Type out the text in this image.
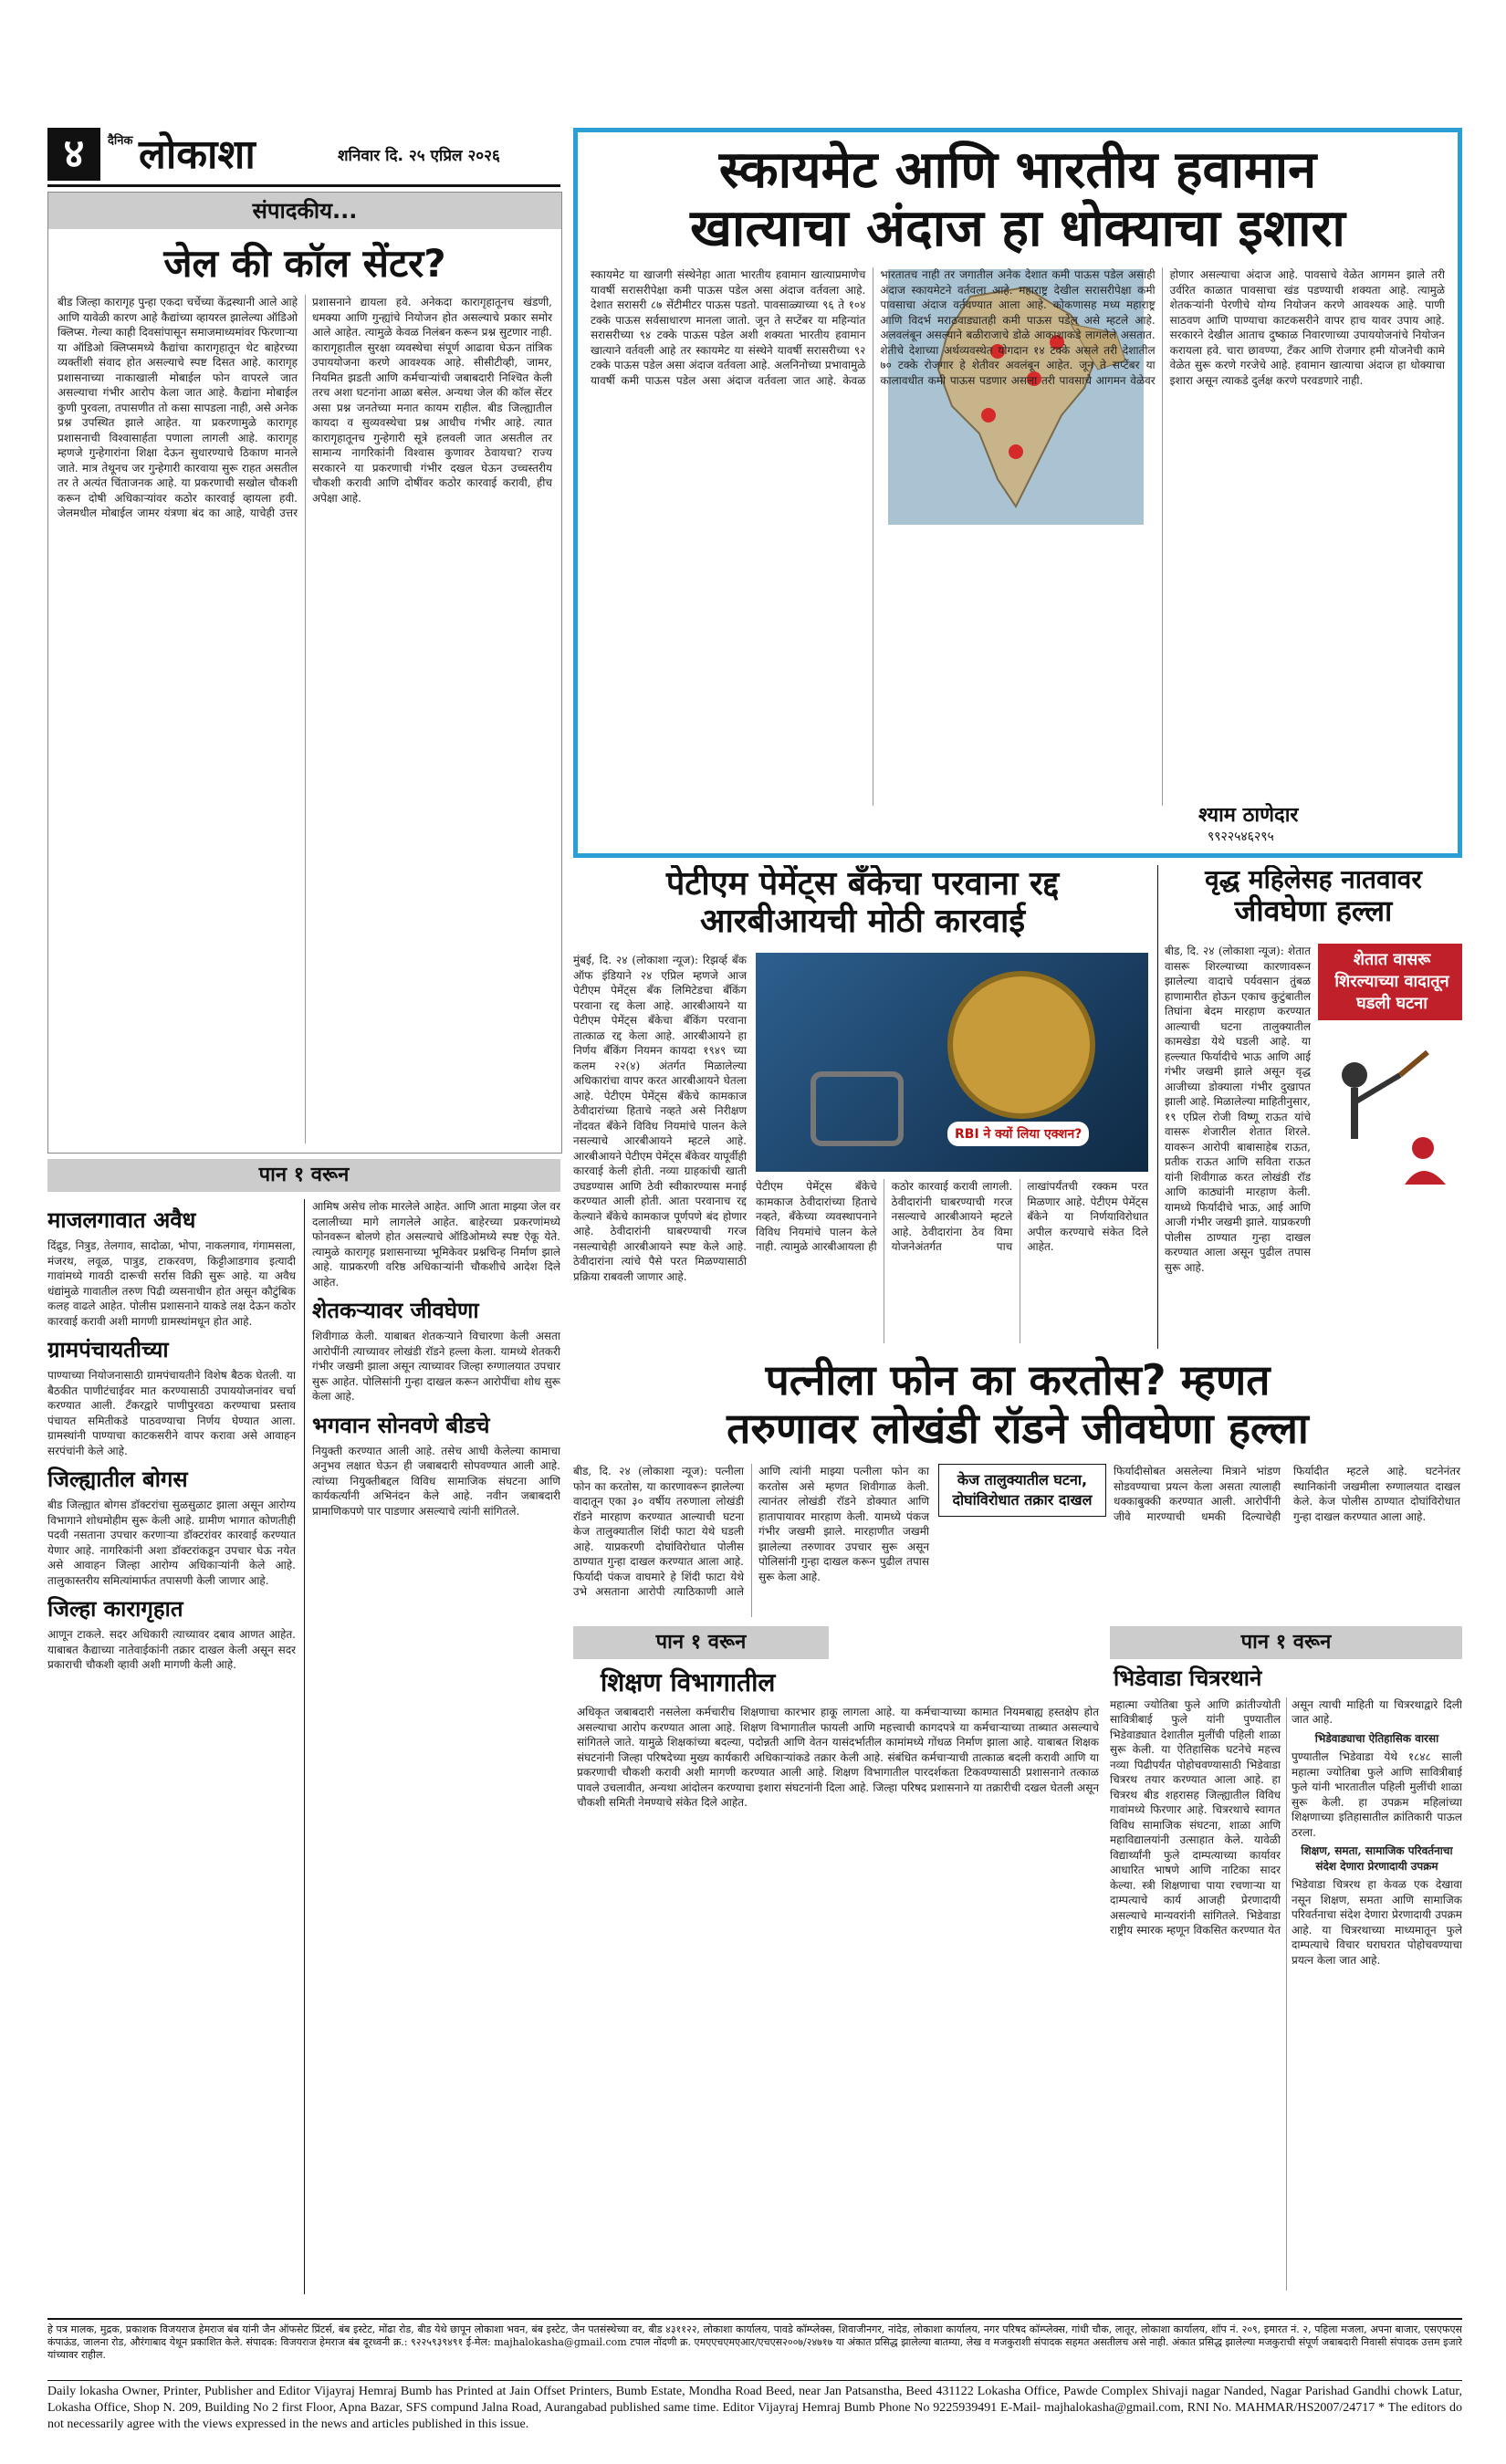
४	दैनिक लोकाशा	शनिवार दि. २५ एप्रिल २०२६
संपादकीय...
जेल की कॉल सेंटर?
बीड जिल्हा कारागृह पुन्हा एकदा चर्चेच्या केंद्रस्थानी आले आहे आणि यावेळी कारण आहे कैद्यांच्या व्हायरल झालेल्या ऑडिओ क्लिप्स. गेल्या काही दिवसांपासून समाजमाध्यमांवर फिरणाऱ्या या ऑडिओ क्लिप्समध्ये कैद्यांचा कारागृहातून थेट बाहेरच्या व्यक्तींशी संवाद होत असल्याचे स्पष्ट दिसत आहे. कारागृह प्रशासनाच्या नाकाखाली मोबाईल फोन वापरले जात असल्याचा गंभीर आरोप केला जात आहे. कैद्यांना मोबाईल कुणी पुरवला, तपासणीत तो कसा सापडला नाही, असे अनेक प्रश्न उपस्थित झाले आहेत. या प्रकरणामुळे कारागृह प्रशासनाची विश्वासार्हता पणाला लागली आहे. कारागृह म्हणजे गुन्हेगारांना शिक्षा देऊन सुधारण्याचे ठिकाण मानले जाते. मात्र तेथूनच जर गुन्हेगारी कारवाया सुरू राहत असतील तर ते अत्यंत चिंताजनक आहे. या प्रकरणाची सखोल चौकशी करून दोषी अधिकाऱ्यांवर कठोर कारवाई व्हायला हवी. जेलमधील मोबाईल जामर यंत्रणा बंद का आहे, याचेही उत्तर प्रशासनाने द्यायला हवे. अनेकदा कारागृहातूनच खंडणी, धमक्या आणि गुन्ह्यांचे नियोजन होत असल्याचे प्रकार समोर आले आहेत. त्यामुळे केवळ निलंबन करून प्रश्न सुटणार नाही. कारागृहातील सुरक्षा व्यवस्थेचा संपूर्ण आढावा घेऊन तांत्रिक उपाययोजना करणे आवश्यक आहे. सीसीटीव्ही, जामर, नियमित झडती आणि कर्मचाऱ्यांची जबाबदारी निश्चित केली तरच अशा घटनांना आळा बसेल. अन्यथा जेल की कॉल सेंटर असा प्रश्न जनतेच्या मनात कायम राहील. बीड जिल्ह्यातील कायदा व सुव्यवस्थेचा प्रश्न आधीच गंभीर आहे. त्यात कारागृहातूनच गुन्हेगारी सूत्रे हलवली जात असतील तर सामान्य नागरिकांनी विश्वास कुणावर ठेवायचा? राज्य सरकारने या प्रकरणाची गंभीर दखल घेऊन उच्चस्तरीय चौकशी करावी आणि दोषींवर कठोर कारवाई करावी, हीच अपेक्षा आहे.
स्कायमेट आणि भारतीय हवामान
खात्याचा अंदाज हा धोक्याचा इशारा
स्कायमेट या खाजगी संस्थेनेहा आता भारतीय हवामान खात्याप्रमाणेच यावर्षी सरासरीपेक्षा कमी पाऊस पडेल असा अंदाज वर्तवला आहे. देशात सरासरी ८७ सेंटीमीटर पाऊस पडतो. पावसाळ्याच्या ९६ ते १०४ टक्के पाऊस सर्वसाधारण मानला जातो. जून ते सप्टेंबर या महिन्यांत सरासरीच्या ९४ टक्के पाऊस पडेल अशी शक्यता भारतीय हवामान खात्याने वर्तवली आहे तर स्कायमेट या संस्थेने यावर्षी सरासरीच्या ९२ टक्के पाऊस पडेल असा अंदाज वर्तवला आहे. अलनिनोच्या प्रभावामुळे यावर्षी कमी पाऊस पडेल असा अंदाज वर्तवला जात आहे. केवळ भारतातच नाही तर जगातील अनेक देशात कमी पाऊस पडेल असाही अंदाज स्कायमेटने वर्तवला आहे. महाराष्ट्र देखील सरासरीपेक्षा कमी पावसाचा अंदाज वर्तवण्यात आला आहे. कोकणासह मध्य महाराष्ट्र आणि विदर्भ मराठवाड्यातही कमी पाऊस पडेल असे म्हटले आहे. अलवलंबून असल्याने बळीराजाचे डोळे आकाशाकडे लागलेले असतात. शेतीचे देशाच्या अर्थव्यवस्थेत योगदान १४ टक्के असले तरी देशातील ७० टक्के रोजगार हे शेतीवर अवलंबून आहेत. जून ते सप्टेंबर या कालावधीत कमी पाऊस पडणार असला तरी पावसाचे आगमन वेळेवर होणार असल्याचा अंदाज आहे. पावसाचे वेळेत आगमन झाले तरी उर्वरित काळात पावसाचा खंड पडण्याची शक्यता आहे. त्यामुळे शेतकऱ्यांनी पेरणीचे योग्य नियोजन करणे आवश्यक आहे. पाणी साठवण आणि पाण्याचा काटकसरीने वापर हाच यावर उपाय आहे. सरकारने देखील आताच दुष्काळ निवारणाच्या उपाययोजनांचे नियोजन करायला हवे. चारा छावण्या, टँकर आणि रोजगार हमी योजनेची कामे वेळेत सुरू करणे गरजेचे आहे. हवामान खात्याचा अंदाज हा धोक्याचा इशारा असून त्याकडे दुर्लक्ष करणे परवडणारे नाही.
श्याम ठाणेदार
९९२२५४६२९५
पेटीएम पेमेंट्स बँकेचा परवाना रद्द
आरबीआयची मोठी कारवाई
RBI ने क्यों लिया एक्शन?
मुंबई, दि. २४ (लोकाशा न्यूज): रिझर्व्ह बँक ऑफ इंडियाने २४ एप्रिल म्हणजे आज पेटीएम पेमेंट्स बँक लिमिटेडचा बँकिंग परवाना रद्द केला आहे. आरबीआयने या पेटीएम पेमेंट्स बँकेचा बँकिंग परवाना तात्काळ रद्द केला आहे. आरबीआयने हा निर्णय बँकिंग नियमन कायदा १९४९ च्या कलम २२(४) अंतर्गत मिळालेल्या अधिकारांचा वापर करत आरबीआयने घेतला आहे. पेटीएम पेमेंट्स बँकेचे कामकाज ठेवीदारांच्या हिताचे नव्हते असे निरीक्षण नोंदवत बँकेने विविध नियमांचे पालन केले नसल्याचे आरबीआयने म्हटले आहे. आरबीआयने पेटीएम पेमेंट्स बँकेवर यापूर्वीही कारवाई केली होती. नव्या ग्राहकांची खाती उघडण्यास आणि ठेवी स्वीकारण्यास मनाई करण्यात आली होती. आता परवानाच रद्द केल्याने बँकेचे कामकाज पूर्णपणे बंद होणार आहे. ठेवीदारांनी घाबरण्याची गरज नसल्याचेही आरबीआयने स्पष्ट केले आहे. ठेवीदारांना त्यांचे पैसे परत मिळण्यासाठी प्रक्रिया राबवली जाणार आहे.
पेटीएम पेमेंट्स बँकेचे कामकाज ठेवीदारांच्या हिताचे नव्हते, बँकेच्या व्यवस्थापनाने विविध नियमांचे पालन केले नाही. त्यामुळे आरबीआयला ही कठोर कारवाई करावी लागली. ठेवीदारांनी घाबरण्याची गरज नसल्याचे आरबीआयने म्हटले आहे. ठेवीदारांना ठेव विमा योजनेअंतर्गत पाच लाखांपर्यंतची रक्कम परत मिळणार आहे. पेटीएम पेमेंट्स बँकेने या निर्णयाविरोधात अपील करण्याचे संकेत दिले आहेत.
वृद्ध महिलेसह नातवावर
जीवघेणा हल्ला
शेतात वासरू शिरल्याच्या वादातून घडली घटना
बीड, दि. २४ (लोकाशा न्यूज): शेतात वासरू शिरल्याच्या कारणावरून झालेल्या वादाचे पर्यवसान तुंबळ हाणामारीत होऊन एकाच कुटुंबातील तिघांना बेदम मारहाण करण्यात आल्याची घटना तालुक्यातील कामखेडा येथे घडली आहे. या हल्ल्यात फिर्यादीचे भाऊ आणि आई गंभीर जखमी झाले असून वृद्ध आजीच्या डोक्याला गंभीर दुखापत झाली आहे. मिळालेल्या माहितीनुसार, १९ एप्रिल रोजी विष्णू राऊत यांचे वासरू शेजारील शेतात शिरले. यावरून आरोपी बाबासाहेब राऊत, प्रतीक राऊत आणि सविता राऊत यांनी शिवीगाळ करत लोखंडी रॉड आणि काठ्यांनी मारहाण केली. यामध्ये फिर्यादीचे भाऊ, आई आणि आजी गंभीर जखमी झाले. याप्रकरणी पोलीस ठाण्यात गुन्हा दाखल करण्यात आला असून पुढील तपास सुरू आहे.
पान १ वरून
माजलगावात अवैध
दिंद्रुड, नित्रुड, तेलगाव, सादोळा, भोपा, नाकलगाव, गंगामसला, मंजरथ, लवूळ, पात्रुड, टाकरवण, किट्टीआडगाव इत्यादी गावांमध्ये गावठी दारूची सर्रास विक्री सुरू आहे. या अवैध धंद्यांमुळे गावातील तरुण पिढी व्यसनाधीन होत असून कौटुंबिक कलह वाढले आहेत. पोलीस प्रशासनाने याकडे लक्ष देऊन कठोर कारवाई करावी अशी मागणी ग्रामस्थांमधून होत आहे.
ग्रामपंचायतीच्या
पाण्याच्या नियोजनासाठी ग्रामपंचायतीने विशेष बैठक घेतली. या बैठकीत पाणीटंचाईवर मात करण्यासाठी उपाययोजनांवर चर्चा करण्यात आली. टँकरद्वारे पाणीपुरवठा करण्याचा प्रस्ताव पंचायत समितीकडे पाठवण्याचा निर्णय घेण्यात आला. ग्रामस्थांनी पाण्याचा काटकसरीने वापर करावा असे आवाहन सरपंचांनी केले आहे.
जिल्ह्यातील बोगस
बीड जिल्ह्यात बोगस डॉक्टरांचा सुळसुळाट झाला असून आरोग्य विभागाने शोधमोहीम सुरू केली आहे. ग्रामीण भागात कोणतीही पदवी नसताना उपचार करणाऱ्या डॉक्टरांवर कारवाई करण्यात येणार आहे. नागरिकांनी अशा डॉक्टरांकडून उपचार घेऊ नयेत असे आवाहन जिल्हा आरोग्य अधिकाऱ्यांनी केले आहे. तालुकास्तरीय समित्यांमार्फत तपासणी केली जाणार आहे.
जिल्हा कारागृहात
आणून टाकले. सदर अधिकारी त्याच्यावर दबाव आणत आहेत. याबाबत कैद्याच्या नातेवाईकांनी तक्रार दाखल केली असून सदर प्रकाराची चौकशी व्हावी अशी मागणी केली आहे.
आमिष असेच लोक मारलेले आहेत. आणि आता माझ्या जेल वर दलालीच्या मागे लागलेले आहेत. बाहेरच्या प्रकरणांमध्ये फोनवरून बोलणे होत असल्याचे ऑडिओमध्ये स्पष्ट ऐकू येते. त्यामुळे कारागृह प्रशासनाच्या भूमिकेवर प्रश्नचिन्ह निर्माण झाले आहे. याप्रकरणी वरिष्ठ अधिकाऱ्यांनी चौकशीचे आदेश दिले आहेत.
शेतकऱ्यावर जीवघेणा
शिवीगाळ केली. याबाबत शेतकऱ्याने विचारणा केली असता आरोपींनी त्याच्यावर लोखंडी रॉडने हल्ला केला. यामध्ये शेतकरी गंभीर जखमी झाला असून त्याच्यावर जिल्हा रुग्णालयात उपचार सुरू आहेत. पोलिसांनी गुन्हा दाखल करून आरोपींचा शोध सुरू केला आहे.
भगवान सोनवणे बीडचे
नियुक्ती करण्यात आली आहे. तसेच आधी केलेल्या कामाचा अनुभव लक्षात घेऊन ही जबाबदारी सोपवण्यात आली आहे. त्यांच्या नियुक्तीबद्दल विविध सामाजिक संघटना आणि कार्यकर्त्यांनी अभिनंदन केले आहे. नवीन जबाबदारी प्रामाणिकपणे पार पाडणार असल्याचे त्यांनी सांगितले.
पत्नीला फोन का करतोस? म्हणत
तरुणावर लोखंडी रॉडने जीवघेणा हल्ला
बीड, दि. २४ (लोकाशा न्यूज): पत्नीला फोन का करतोस, या कारणावरून झालेल्या वादातून एका ३० वर्षीय तरुणाला लोखंडी रॉडने मारहाण करण्यात आल्याची घटना केज तालुक्यातील शिंदी फाटा येथे घडली आहे. याप्रकरणी दोघांविरोधात पोलीस ठाण्यात गुन्हा दाखल करण्यात आला आहे. फिर्यादी पंकज वाघमारे हे शिंदी फाटा येथे उभे असताना आरोपी त्याठिकाणी आले आणि त्यांनी माझ्या पत्नीला फोन का करतोस असे म्हणत शिवीगाळ केली. त्यानंतर लोखंडी रॉडने डोक्यात आणि हातापायावर मारहाण केली. यामध्ये पंकज गंभीर जखमी झाले. मारहाणीत जखमी झालेल्या तरुणावर उपचार सुरू असून पोलिसांनी गुन्हा दाखल करून पुढील तपास सुरू केला आहे.
केज तालुक्यातील घटना, दोघांविरोधात तक्रार दाखल
फिर्यादीसोबत असलेल्या मित्राने भांडण सोडवण्याचा प्रयत्न केला असता त्यालाही धक्काबुक्की करण्यात आली. आरोपींनी जीवे मारण्याची धमकी दिल्याचेही फिर्यादीत म्हटले आहे. घटनेनंतर स्थानिकांनी जखमीला रुग्णालयात दाखल केले. केज पोलीस ठाण्यात दोघांविरोधात गुन्हा दाखल करण्यात आला आहे.
पान १ वरून
शिक्षण विभागातील
अधिकृत जबाबदारी नसलेला कर्मचारीच शिक्षणाचा कारभार हाकू लागला आहे. या कर्मचाऱ्याच्या कामात नियमबाह्य हस्तक्षेप होत असल्याचा आरोप करण्यात आला आहे. शिक्षण विभागातील फायली आणि महत्त्वाची कागदपत्रे या कर्मचाऱ्याच्या ताब्यात असल्याचे सांगितले जाते. यामुळे शिक्षकांच्या बदल्या, पदोन्नती आणि वेतन यासंदर्भातील कामांमध्ये गोंधळ निर्माण झाला आहे. याबाबत शिक्षक संघटनांनी जिल्हा परिषदेच्या मुख्य कार्यकारी अधिकाऱ्यांकडे तक्रार केली आहे. संबंधित कर्मचाऱ्याची तात्काळ बदली करावी आणि या प्रकरणाची चौकशी करावी अशी मागणी करण्यात आली आहे. शिक्षण विभागातील पारदर्शकता टिकवण्यासाठी प्रशासनाने तत्काळ पावले उचलावीत, अन्यथा आंदोलन करण्याचा इशारा संघटनांनी दिला आहे. जिल्हा परिषद प्रशासनाने या तक्रारीची दखल घेतली असून चौकशी समिती नेमण्याचे संकेत दिले आहेत.
पान १ वरून
भिडेवाडा चित्ररथाने
महात्मा ज्योतिबा फुले आणि क्रांतीज्योती सावित्रीबाई फुले यांनी पुण्यातील भिडेवाड्यात देशातील मुलींची पहिली शाळा सुरू केली. या ऐतिहासिक घटनेचे महत्त्व नव्या पिढीपर्यंत पोहोचवण्यासाठी भिडेवाडा चित्ररथ तयार करण्यात आला आहे. हा चित्ररथ बीड शहरासह जिल्ह्यातील विविध गावांमध्ये फिरणार आहे. चित्ररथाचे स्वागत विविध सामाजिक संघटना, शाळा आणि महाविद्यालयांनी उत्साहात केले. यावेळी विद्यार्थ्यांनी फुले दाम्पत्याच्या कार्यावर आधारित भाषणे आणि नाटिका सादर केल्या. स्त्री शिक्षणाचा पाया रचणाऱ्या या दाम्पत्याचे कार्य आजही प्रेरणादायी असल्याचे मान्यवरांनी सांगितले. भिडेवाडा राष्ट्रीय स्मारक म्हणून विकसित करण्यात येत असून त्याची माहिती या चित्ररथाद्वारे दिली जात आहे.
भिडेवाड्याचा ऐतिहासिक वारसा
पुण्यातील भिडेवाडा येथे १८४८ साली महात्मा ज्योतिबा फुले आणि सावित्रीबाई फुले यांनी भारतातील पहिली मुलींची शाळा सुरू केली. हा उपक्रम महिलांच्या शिक्षणाच्या इतिहासातील क्रांतिकारी पाऊल ठरला.
शिक्षण, समता, सामाजिक परिवर्तनाचा संदेश देणारा प्रेरणादायी उपक्रम
भिडेवाडा चित्ररथ हा केवळ एक देखावा नसून शिक्षण, समता आणि सामाजिक परिवर्तनाचा संदेश देणारा प्रेरणादायी उपक्रम आहे. या चित्ररथाच्या माध्यमातून फुले दाम्पत्याचे विचार घराघरात पोहोचवण्याचा प्रयत्न केला जात आहे.
हे पत्र मालक, मुद्रक, प्रकाशक विजयराज हेमराज बंब यांनी जैन ऑफसेट प्रिंटर्स, बंब इस्टेट, मोंढा रोड, बीड येथे छापून लोकाशा भवन, बंब इस्टेट, जैन पतसंस्थेच्या वर, बीड ४३११२२, लोकाशा कार्यालय, पावडे कॉम्प्लेक्स, शिवाजीनगर, नांदेड, लोकाशा कार्यालय, नगर परिषद कॉम्प्लेक्स, गांधी चौक, लातूर, लोकाशा कार्यालय, शॉप नं. २०९, इमारत नं. २, पहिला मजला, अपना बाजार, एसएफएस कंपाऊंड, जालना रोड, औरंगाबाद येथून प्रकाशित केले. संपादक: विजयराज हेमराज बंब दूरध्वनी क्र.: ९२२५९३९४९१ ई-मेल: majhalokasha@gmail.com टपाल नोंदणी क्र. एमएएचएमएआर/एचएस२००७/२४७१७ या अंकात प्रसिद्ध झालेल्या बातम्या, लेख व मजकुराशी संपादक सहमत असतीलच असे नाही. अंकात प्रसिद्ध झालेल्या मजकुराची संपूर्ण जबाबदारी निवासी संपादक उत्तम इजारे यांच्यावर राहील.
Daily lokasha Owner, Printer, Publisher and Editor Vijayraj Hemraj Bumb has Printed at Jain Offset Printers, Bumb Estate, Mondha Road Beed, near Jan Patsanstha, Beed 431122 Lokasha Office, Pawde Complex Shivaji nagar Nanded, Nagar Parishad Gandhi chowk Latur, Lokasha Office, Shop N. 209, Building No 2 first Floor, Apna Bazar, SFS compund Jalna Road, Aurangabad published same time. Editor Vijayraj Hemraj Bumb Phone No 9225939491 E-Mail- majhalokasha@gmail.com, RNI No. MAHMAR/HS2007/24717 * The editors do not necessarily agree with the views expressed in the news and articles published in this issue.
